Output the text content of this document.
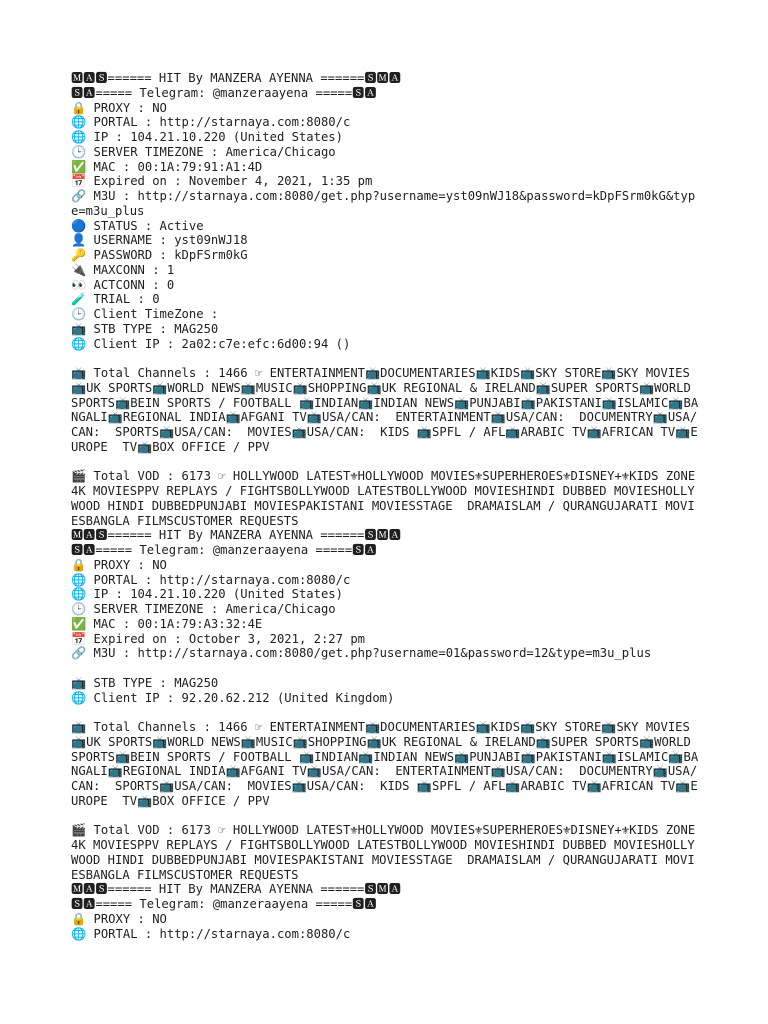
🅼🅰🆂====== HIT By MANZERA AYENNA ======🆂🅼🅰
🆂🅰===== Telegram: @manzeraayena =====🆂🅰
🔒 PROXY : NO
🌐 PORTAL : http://starnaya.com:8080/c
🌐 IP : 104.21.10.220 (United States)
🕒 SERVER TIMEZONE : America/Chicago
✅ MAC : 00:1A:79:91:A1:4D
📅 Expired on : November 4, 2021, 1:35 pm
🔗 M3U : http://starnaya.com:8080/get.php?username=yst09nWJ18&password=kDpFSrm0kG&type=m3u_plus
🔵 STATUS : Active
👤 USERNAME : yst09nWJ18
🔑 PASSWORD : kDpFSrm0kG
🔌 MAXCONN : 1
👀 ACTCONN : 0
🧪 TRIAL : 0
🕒 Client TimeZone :
📺 STB TYPE : MAG250
🌐 Client IP : 2a02:c7e:efc:6d00:94 ()
📺 Total Channels : 1466 ☞ ENTERTAINMENT📺DOCUMENTARIES📺KIDS📺SKY STORE📺SKY MOVIES📺UK SPORTS📺WORLD NEWS📺MUSIC📺SHOPPING📺UK REGIONAL & IRELAND📺SUPER SPORTS📺WORLD SPORTS📺BEIN SPORTS / FOOTBALL 📺INDIAN📺INDIAN NEWS📺PUNJABI📺PAKISTANI📺ISLAMIC📺BANGALI📺REGIONAL INDIA📺AFGANI TV📺USA/CAN:  ENTERTAINMENT📺USA/CAN:  DOCUMENTRY📺USA/CAN:  SPORTS📺USA/CAN:  MOVIES📺USA/CAN:  KIDS 📺SPFL / AFL📺ARABIC TV📺AFRICAN TV📺EUROPE  TV📺BOX OFFICE / PPV
🎬 Total VOD : 6173 ☞ HOLLYWOOD LATEST⚜HOLLYWOOD MOVIES⚜SUPERHEROES⚜DISNEY+⚜KIDS ZONE4K MOVIESPPV REPLAYS / FIGHTSBOLLYWOOD LATESTBOLLYWOOD MOVIESHINDI DUBBED MOVIESHOLLYWOOD HINDI DUBBEDPUNJABI MOVIESPAKISTANI MOVIESSTAGE  DRAMAISLAM / QURANGUJARATI MOVIESBANGLA FILMSCUSTOMER REQUESTS
🅼🅰🆂====== HIT By MANZERA AYENNA ======🆂🅼🅰
🆂🅰===== Telegram: @manzeraayena =====🆂🅰
🔒 PROXY : NO
🌐 PORTAL : http://starnaya.com:8080/c
🌐 IP : 104.21.10.220 (United States)
🕒 SERVER TIMEZONE : America/Chicago
✅ MAC : 00:1A:79:A3:32:4E
📅 Expired on : October 3, 2021, 2:27 pm
🔗 M3U : http://starnaya.com:8080/get.php?username=01&password=12&type=m3u_plus
📺 STB TYPE : MAG250
🌐 Client IP : 92.20.62.212 (United Kingdom)
📺 Total Channels : 1466 ☞ ENTERTAINMENT📺DOCUMENTARIES📺KIDS📺SKY STORE📺SKY MOVIES📺UK SPORTS📺WORLD NEWS📺MUSIC📺SHOPPING📺UK REGIONAL & IRELAND📺SUPER SPORTS📺WORLD SPORTS📺BEIN SPORTS / FOOTBALL 📺INDIAN📺INDIAN NEWS📺PUNJABI📺PAKISTANI📺ISLAMIC📺BANGALI📺REGIONAL INDIA📺AFGANI TV📺USA/CAN:  ENTERTAINMENT📺USA/CAN:  DOCUMENTRY📺USA/CAN:  SPORTS📺USA/CAN:  MOVIES📺USA/CAN:  KIDS 📺SPFL / AFL📺ARABIC TV📺AFRICAN TV📺EUROPE  TV📺BOX OFFICE / PPV
🎬 Total VOD : 6173 ☞ HOLLYWOOD LATEST⚜HOLLYWOOD MOVIES⚜SUPERHEROES⚜DISNEY+⚜KIDS ZONE4K MOVIESPPV REPLAYS / FIGHTSBOLLYWOOD LATESTBOLLYWOOD MOVIESHINDI DUBBED MOVIESHOLLYWOOD HINDI DUBBEDPUNJABI MOVIESPAKISTANI MOVIESSTAGE  DRAMAISLAM / QURANGUJARATI MOVIESBANGLA FILMSCUSTOMER REQUESTS
🅼🅰🆂====== HIT By MANZERA AYENNA ======🆂🅼🅰
🆂🅰===== Telegram: @manzeraayena =====🆂🅰
🔒 PROXY : NO
🌐 PORTAL : http://starnaya.com:8080/c
